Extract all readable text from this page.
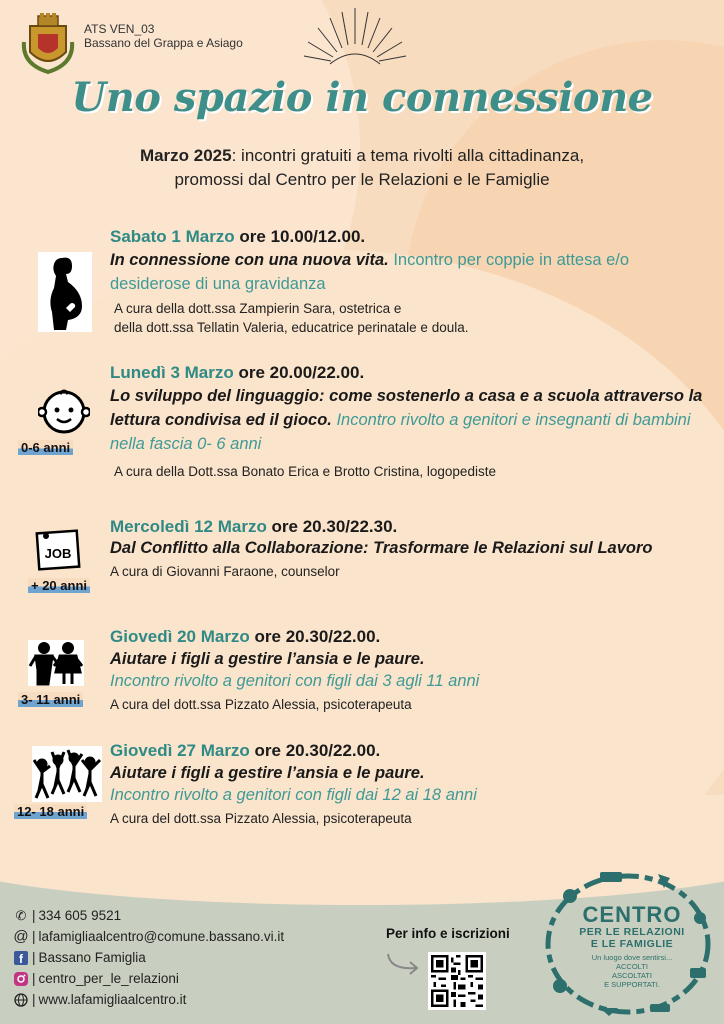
ATS VEN_03
Bassano del Grappa e Asiago
Uno spazio in connessione
Marzo 2025: incontri gratuiti a tema rivolti alla cittadinanza,
promossi dal Centro per le Relazioni e le Famiglie
Sabato 1 Marzo ore 10.00/12.00.
In connessione con una nuova vita. Incontro per coppie in attesa e/o desiderose di una gravidanza
A cura della dott.ssa Zampierin Sara, ostetrica e
della dott.ssa Tellatin Valeria, educatrice perinatale e doula.
0-6 anni
Lunedì 3 Marzo ore 20.00/22.00.
Lo sviluppo del linguaggio: come sostenerlo a casa e a scuola attraverso la lettura condivisa ed il gioco. Incontro rivolto a genitori e insegnanti di bambini nella fascia 0- 6 anni
A cura della Dott.ssa Bonato Erica e Brotto Cristina, logopediste
JOB
+ 20 anni
Mercoledì 12 Marzo ore 20.30/22.30.
Dal Conflitto alla Collaborazione: Trasformare le Relazioni sul Lavoro
A cura di Giovanni Faraone, counselor
3- 11 anni
Giovedì 20 Marzo ore 20.30/22.00.
Aiutare i figli a gestire l’ansia e le paure.
Incontro rivolto a genitori con figli dai 3 agli 11 anni
A cura del dott.ssa Pizzato Alessia, psicoterapeuta
12- 18 anni
Giovedì 27 Marzo ore 20.30/22.00.
Aiutare i figli a gestire l’ansia e le paure.
Incontro rivolto a genitori con figli dai 12 ai 18 anni
A cura del dott.ssa Pizzato Alessia, psicoterapeuta
✆ | 334 605 9521
@ | lafamigliaalcentro@comune.bassano.vi.it
f | Bassano Famiglia
| centro_per_le_relazioni
| www.lafamigliaalcentro.it
Per info e iscrizioni
CENTRO
PER LE RELAZIONI
E LE FAMIGLIE
Un luogo dove sentirsi...
ACCOLTI
ASCOLTATI
E SUPPORTATI.
